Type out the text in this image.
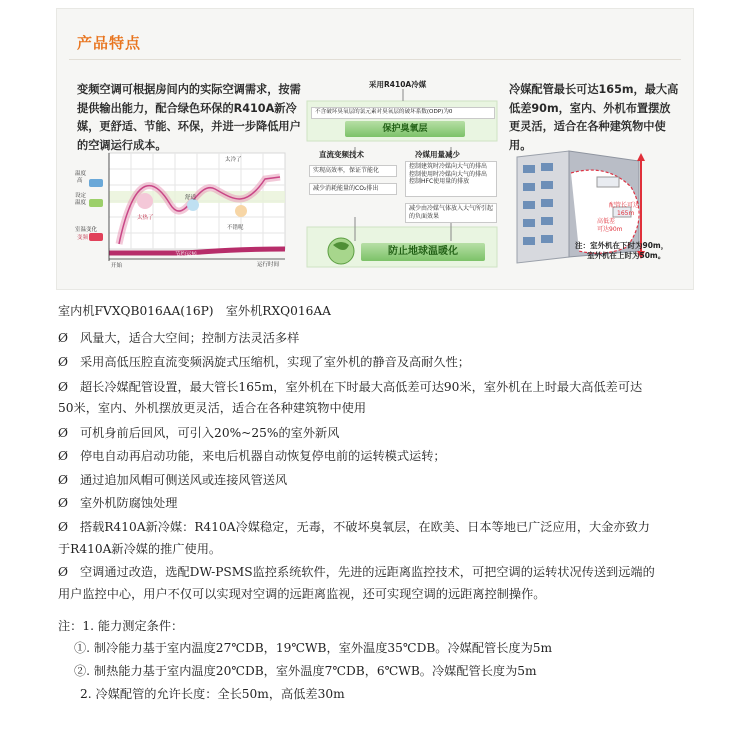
产品特点
变频空调可根据房间内的实际空调需求，按需提供输出能力，配合绿色环保的R410A新冷媒，更舒适、节能、环保，并进一步降低用户的空调运行成本。
温度
高
设定
温度
室温变化
变频
开始
太冷了
太热了
舒适
不错呢
节约运转
运行时间
采用R410A冷媒
不含破坏臭氧层的氯元素对臭氧层的破坏系数(ODP)为0
保护臭氧层
直流变频技术	冷媒用量减少
实现高效率，保证节能化
减少消耗能量的CO₂排出
控制建筑时冷媒向大气的排出
控制使用时冷媒向大气的排出
控制HFC使用量的排放
减少由冷媒气体放入大气所引起的负面效果
防止地球温暖化
冷媒配管最长可达165m，最大高低差90m，室内、外机布置摆放更灵活，适合在各种建筑物中使用。
配管长可达
165m
高低差
可达90m
注：室外机在下时为90m，
室外机在上时为50m。
室内机FVXQB016AA(16P)　室外机RXQ016AA
Ø 风量大，适合大空间；控制方法灵活多样
Ø 采用高低压腔直流变频涡旋式压缩机，实现了室外机的静音及高耐久性；
Ø 超长冷媒配管设置，最大管长165m，室外机在下时最大高低差可达90米，室外机在上时最大高低差可达
50米，室内、外机摆放更灵活，适合在各种建筑物中使用
Ø 可机身前后回风，可引入20%~25%的室外新风
Ø 停电自动再启动功能，来电后机器自动恢复停电前的运转模式运转；
Ø 通过追加风帽可侧送风或连接风管送风
Ø 室外机防腐蚀处理
Ø 搭载R410A新冷媒：R410A冷媒稳定，无毒，不破坏臭氧层，在欧美、日本等地已广泛应用，大金亦致力
于R410A新冷媒的推广使用。
Ø 空调通过改造，选配DW-PSMS监控系统软件，先进的远距离监控技术，可把空调的运转状况传送到远端的
用户监控中心，用户不仅可以实现对空调的远距离监视，还可实现空调的远距离控制操作。
注：1. 能力测定条件：
①. 制冷能力基于室内温度27℃DB，19℃WB，室外温度35℃DB。冷媒配管长度为5m
②. 制热能力基于室内温度20℃DB，室外温度7℃DB，6℃WB。冷媒配管长度为5m
2. 冷媒配管的允许长度：全长50m，高低差30m
